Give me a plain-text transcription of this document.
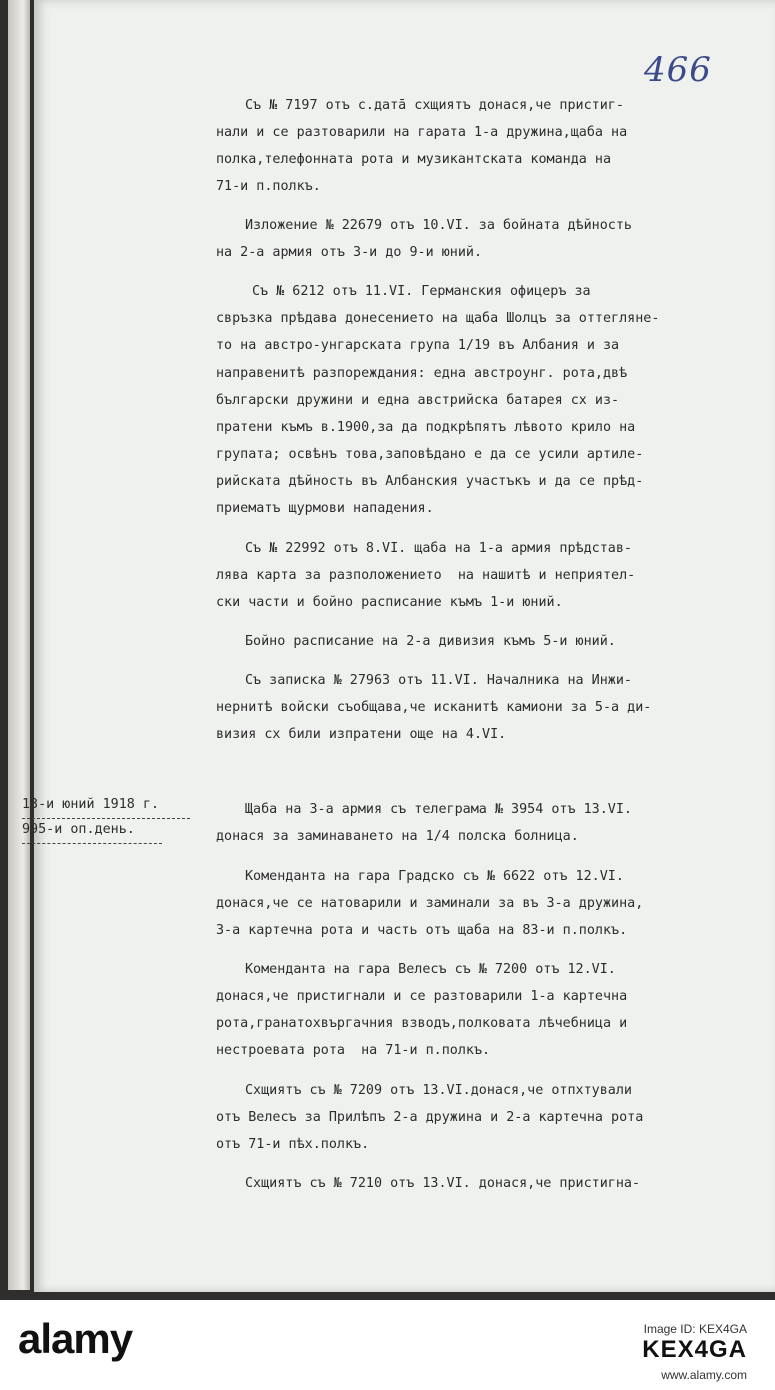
466
Съ № 7197 отъ с.датā схщиятъ донася,че пристиг-
нали и се разтоварили на гарата 1-а дружина,щаба на
полка,телефонната рота и музикантската команда на
71-и п.полкъ.
Изложение № 22679 отъ 10.VI. за бойната дѣйность
на 2-а армия отъ 3-и до 9-и юний.
Съ № 6212 отъ 11.VI. Германския офицеръ за
свръзка прѣдава донесението на щаба Шолцъ за оттегляне-
то на австро-унгарската група 1/19 въ Албания и за
направенитѣ разпореждания: една австроунг. рота,двѣ
български дружини и една австрийска батарея сх из-
пратени къмъ в.1900,за да подкрѣпятъ лѣвото крило на
групата; освѣнъ това,заповѣдано е да се усили артиле-
рийската дѣйность въ Албанския участъкъ и да се прѣд-
приематъ щурмови нападения.
Съ № 22992 отъ 8.VI. щаба на 1-а армия прѣдстав-
лява карта за разположението  на нашитѣ и неприятел-
ски части и бойно расписание къмъ 1-и юний.
Бойно расписание на 2-а дивизия къмъ 5-и юний.
Съ записка № 27963 отъ 11.VI. Началника на Инжи-
нернитѣ войски съобщава,че исканитѣ камиони за 5-а ди-
визия сх били изпратени още на 4.VI.
Щаба на 3-а армия съ телеграма № 3954 отъ 13.VI.
донася за заминаването на 1/4 полска болница.
Коменданта на гара Градско съ № 6622 отъ 12.VI.
донася,че се натоварили и заминали за въ 3-а дружина,
3-а картечна рота и часть отъ щаба на 83-и п.полкъ.
Коменданта на гара Велесъ съ № 7200 отъ 12.VI.
донася,че пристигнали и се разтоварили 1-а картечна
рота,гранатохвъргачния взводъ,полковата лѣчебница и
нестроевата рота  на 71-и п.полкъ.
Схщиятъ съ № 7209 отъ 13.VI.донася,че отпхтували
отъ Велесъ за Прилѣпъ 2-а дружина и 2-а картечна рота
отъ 71-и пѣх.полкъ.
Схщиятъ съ № 7210 отъ 13.VI. донася,че пристигна-
13-и юний 1918 г.
995-и оп.день.
alamy	Image ID: KEX4GA
KEX4GA
www.alamy.com
